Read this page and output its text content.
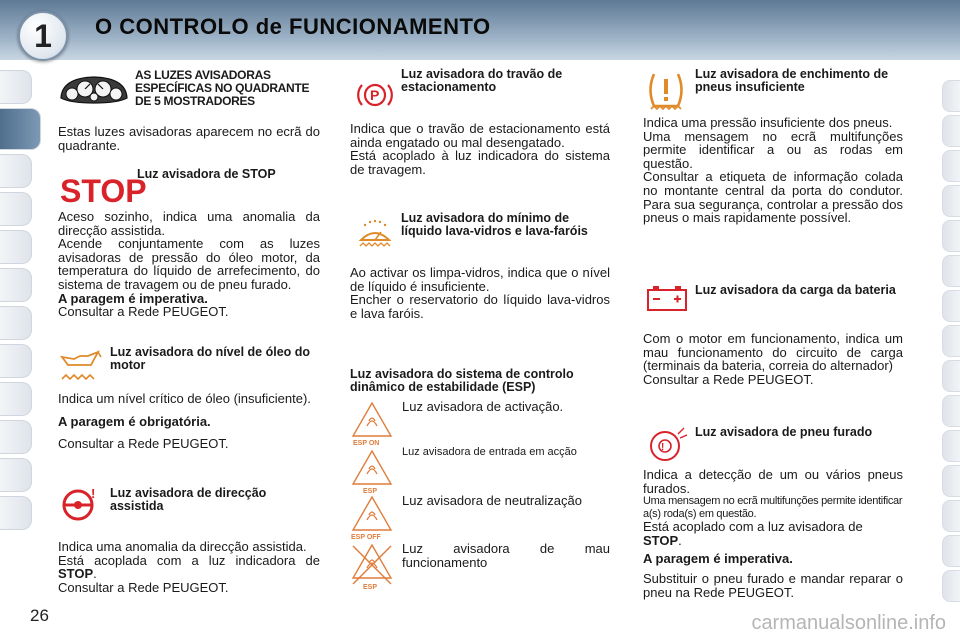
1	O CONTROLO de FUNCIONAMENTO
AS LUZES AVISADORAS ESPECÍFICAS NO QUADRANTE DE 5 MOSTRADORES
Estas luzes avisadoras aparecem no ecrã do quadrante.
STOP
Luz avisadora de STOP

Aceso sozinho, indica uma anomalia da direcção assistida.

Acende conjuntamente com as luzes avisadoras de pressão do óleo motor, da temperatura do líquido de arrefecimento, do sistema de travagem ou de pneu furado.

A paragem é imperativa.

Consultar a Rede PEUGEOT.

Luz avisadora do nível de óleo do motor

Indica um nível crítico de óleo (insuficiente).

A paragem é obrigatória.

Consultar a Rede PEUGEOT.

! Luz avisadora de direcção assistida

Indica uma anomalia da direcção assistida.

Está acoplada com a luz indicadora de STOP.

Consultar a Rede PEUGEOT.

P
Luz avisadora do travão de estacionamento

Indica que o travão de estacionamento está ainda engatado ou mal desengatado.

Está acoplado à luz indicadora do sistema de travagem.

Luz avisadora do mínimo de líquido lava-vidros e lava-faróis

Ao activar os limpa-vidros, indica que o nível de líquido é insuficiente.

Encher o reservatorio do líquido lava-vidros e lava faróis.

Luz avisadora do sistema de controlo dinâmico de estabilidade (ESP)
ESP ON
Luz avisadora de activação.
ESP
Luz avisadora de entrada em acção
ESP OFF
Luz avisadora de neutralização
ESP
Luz avisadora de mau funcionamento
Luz avisadora de enchimento de pneus insuficiente

Indica uma pressão insuficiente dos pneus.

Uma mensagem no ecrã multifunções permite identificar a ou as rodas em questão.

Consultar a etiqueta de informação colada no montante central da porta do condutor. Para sua segurança, controlar a pressão dos pneus o mais rapidamente possível.

Luz avisadora da carga da bateria

Com o motor em funcionamento, indica um mau funcionamento do circuito de carga (terminais da bateria, correia do alternador)

Consultar a Rede PEUGEOT.

!
Luz avisadora de pneu furado

Indica a detecção de um ou vários pneus furados.

Uma mensagem no ecrã multifunções permite identificar a(s) roda(s) em questão.

Está acoplado com a luz avisadora de STOP.

A paragem é imperativa.

Substituir o pneu furado e mandar reparar o pneu na Rede PEUGEOT.

26	carmanualsonline.info
